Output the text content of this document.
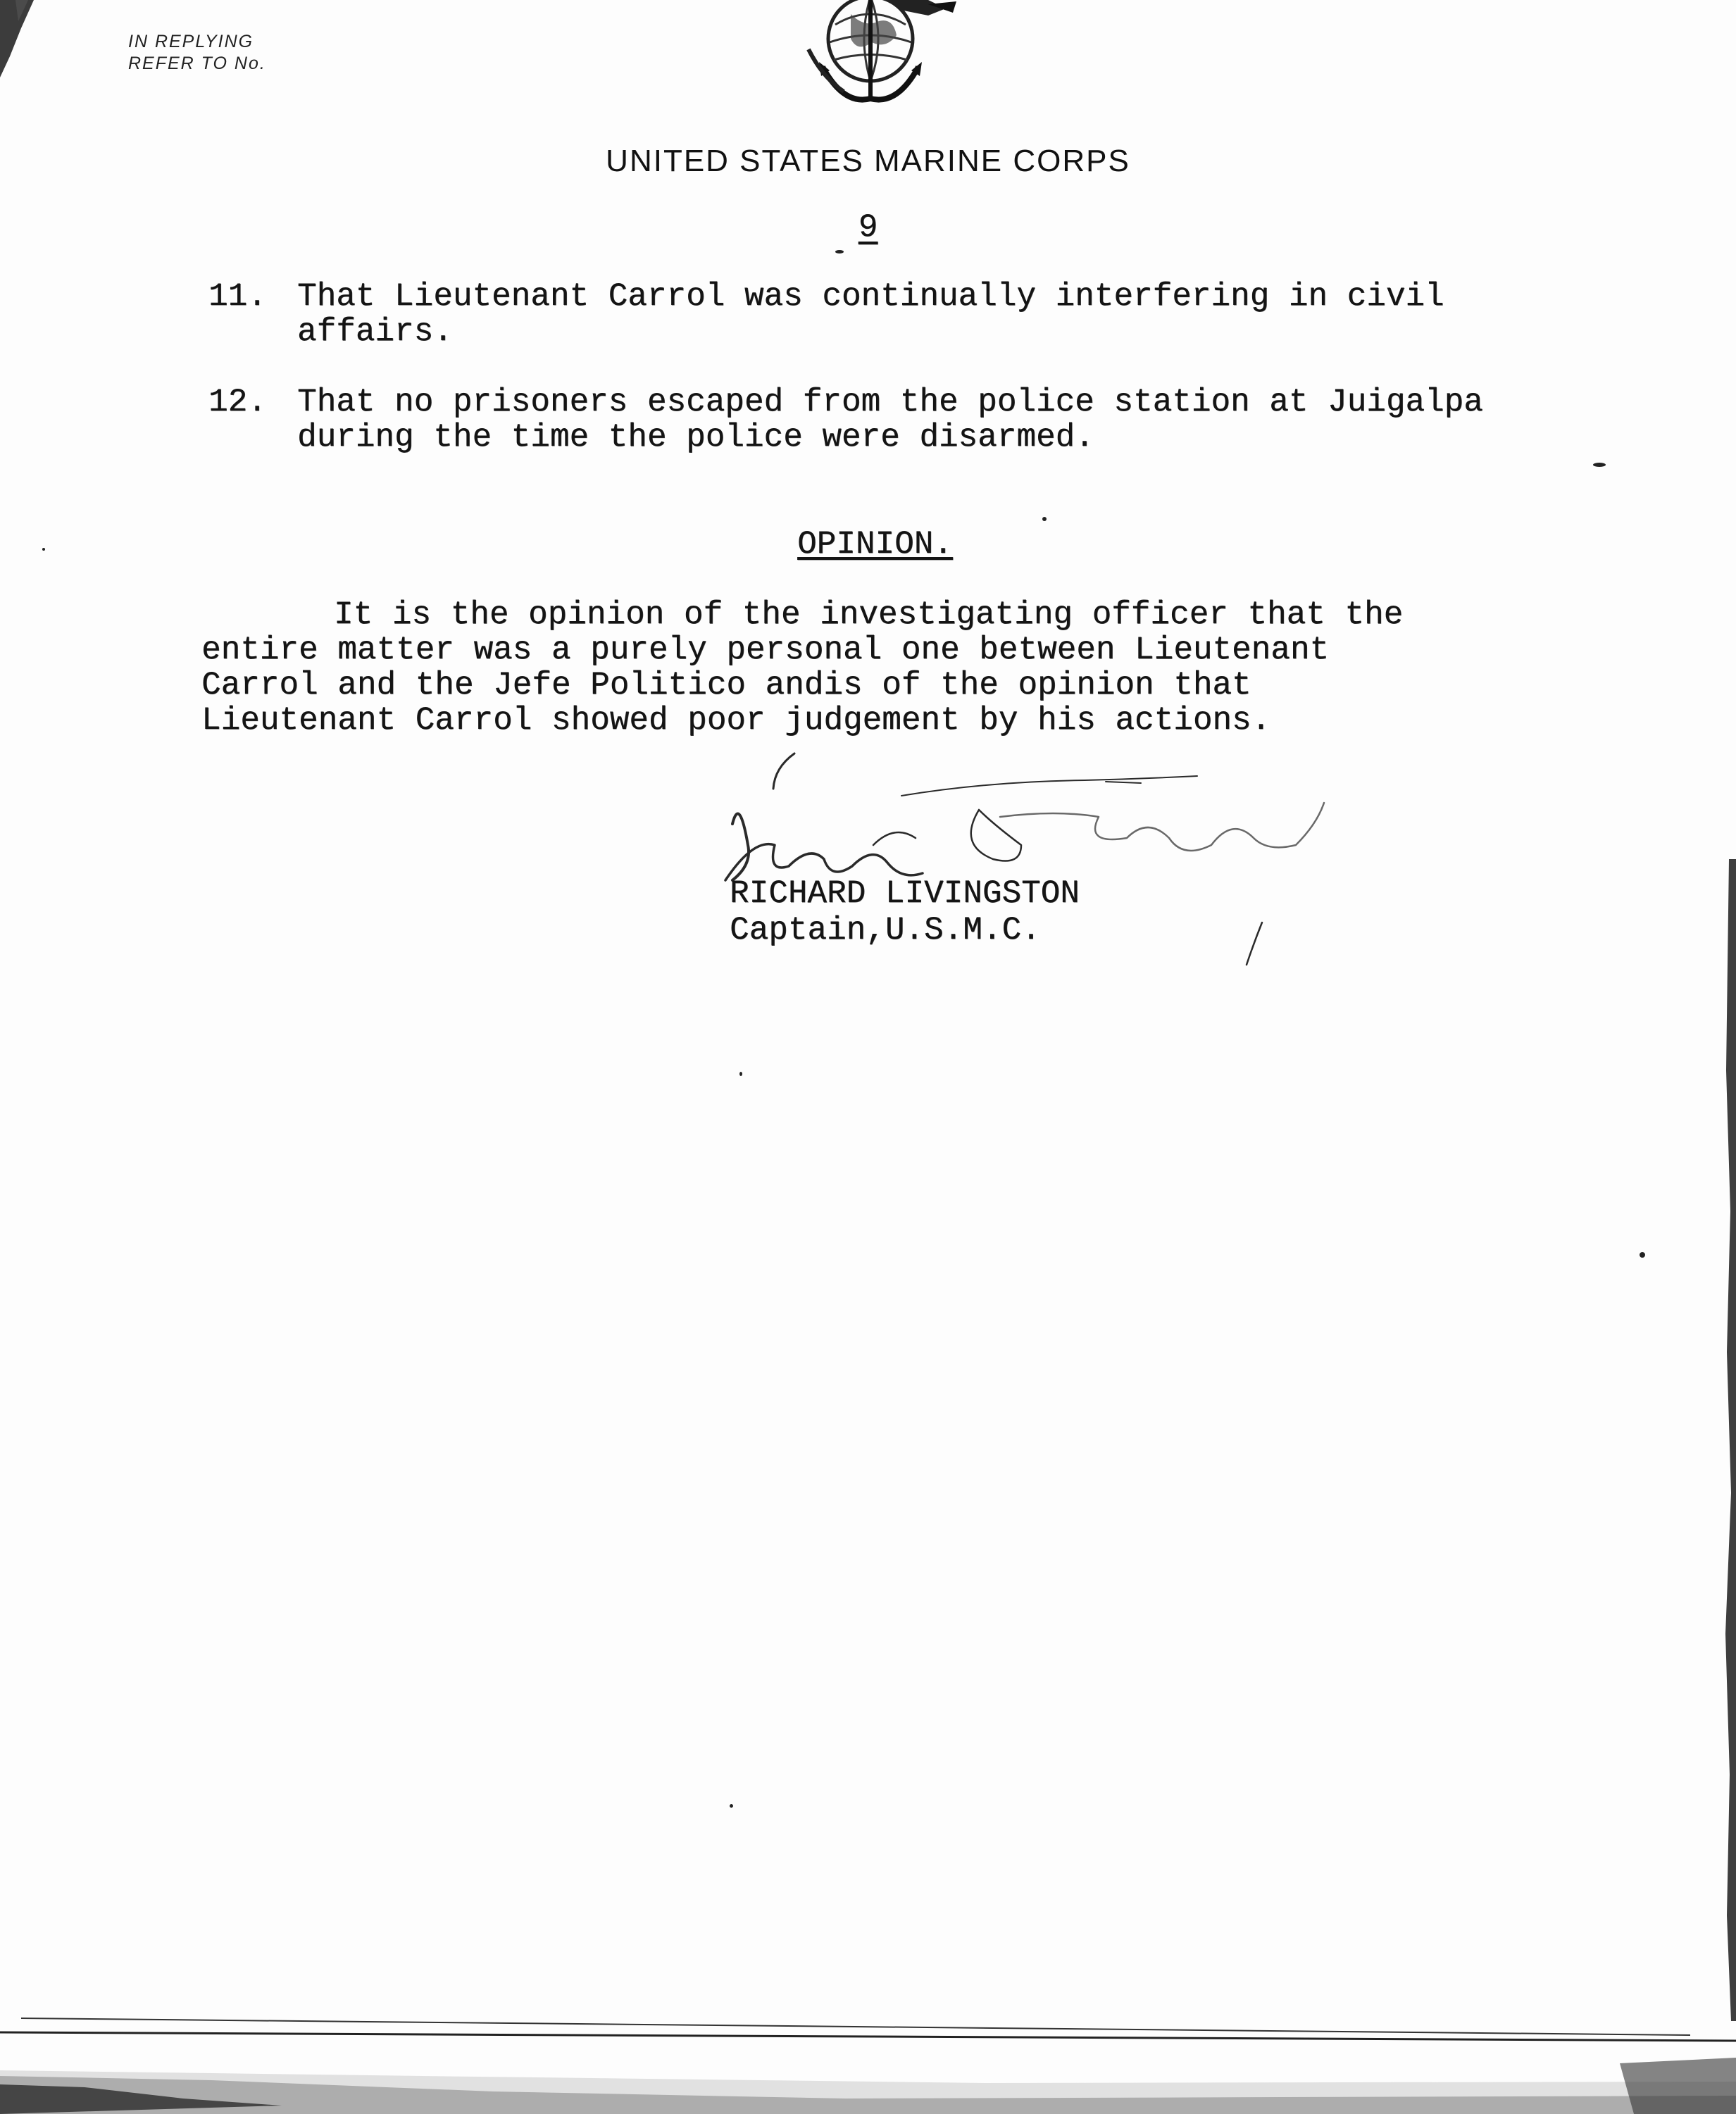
IN REPLYING
REFER TO No.
UNITED STATES MARINE CORPS
9
11. That Lieutenant Carrol was continually interfering in civil
affairs.
12. That no prisoners escaped from the police station at Juigalpa
during the time the police were disarmed.
OPINION.
It is the opinion of the investigating officer that the
entire matter was a purely personal one between Lieutenant
Carrol and the Jefe Politico andis of the opinion that
Lieutenant Carrol showed poor judgement by his actions.
RICHARD LIVINGSTON
Captain,U.S.M.C.
